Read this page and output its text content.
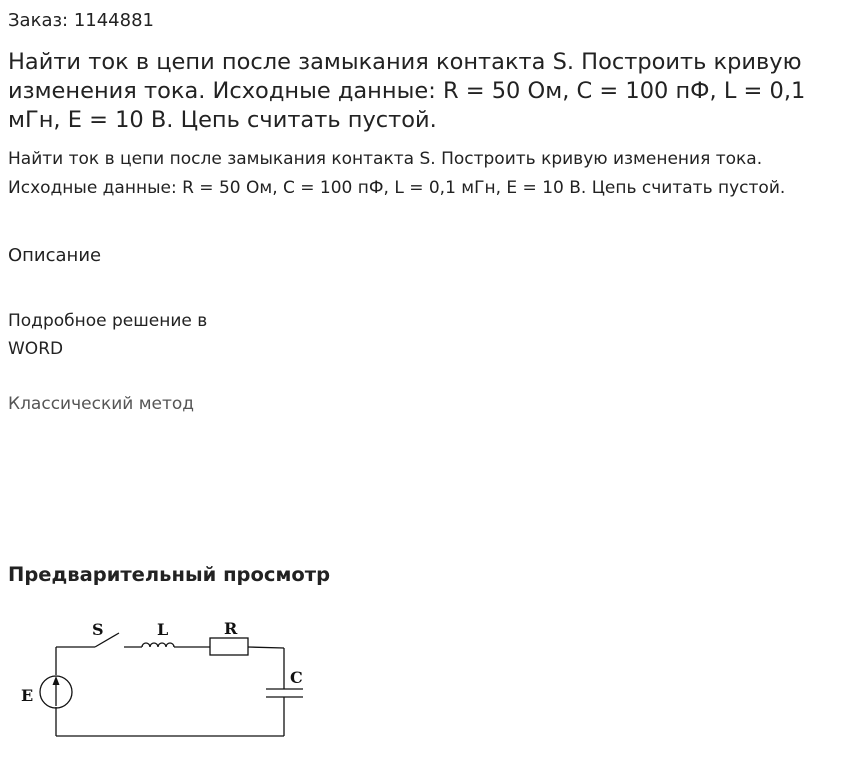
Заказ: 1144881
Найти ток в цепи после замыкания контакта S. Построить кривую изменения тока. Исходные данные: R = 50 Ом, С = 100 пФ, L = 0,1 мГн, Е = 10 В. Цепь считать пустой.

Найти ток в цепи после замыкания контакта S. Построить кривую изменения тока. Исходные данные: R = 50 Ом, С = 100 пФ, L = 0,1 мГн, Е = 10 В. Цепь считать пустой.

Описание
Подробное решение в WORD
Классический метод
Предварительный просмотр
S	L	R
C
E
